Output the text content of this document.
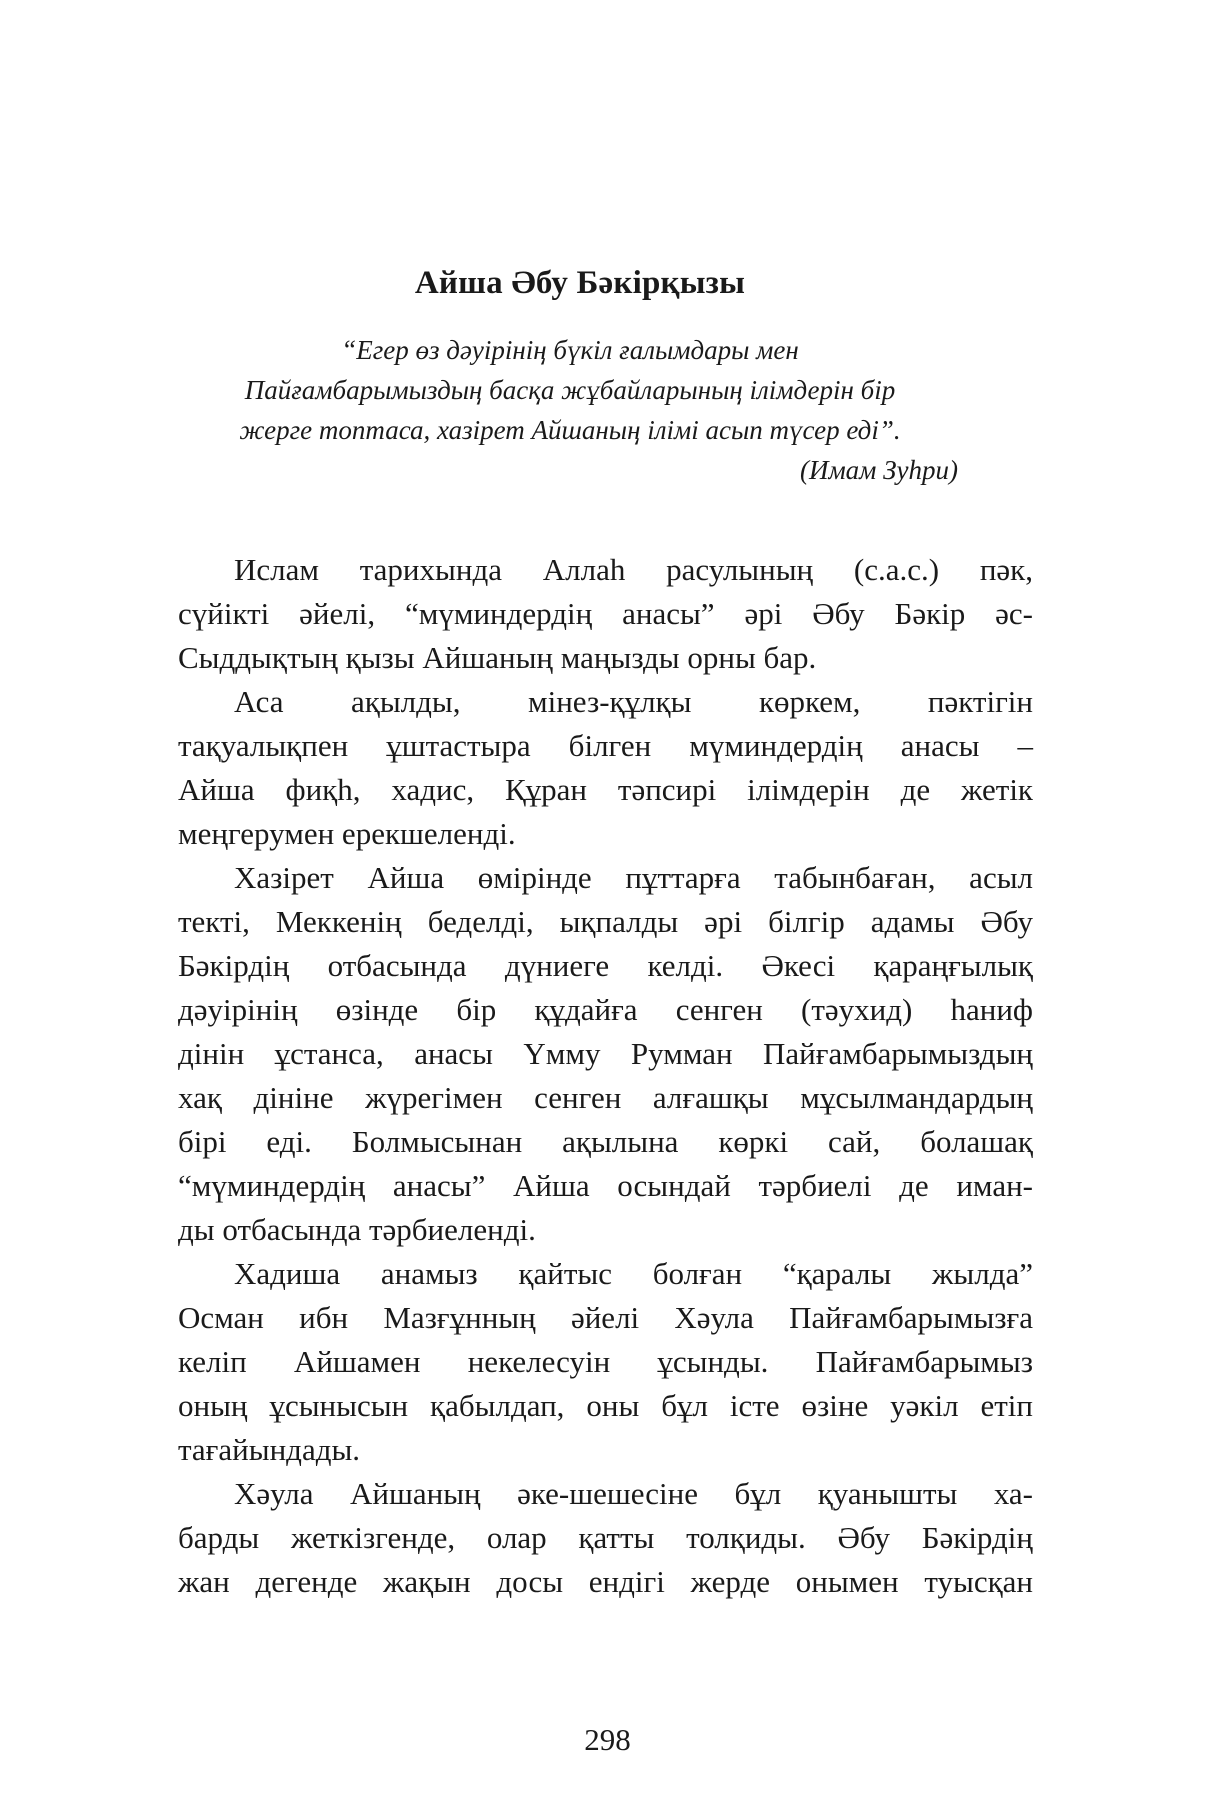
Айша Әбу Бәкірқызы
“Егер өз дәуірінің бүкіл ғалымдары мен
Пайғамбарымыздың басқа жұбайларының ілімдерін бір
жерге топтаса, хазірет Айшаның ілімі асып түсер еді”.
(Имам Зуһри)

Ислам тарихында Аллаһ расулының (с.а.с.) пәк,
сүйікті әйелі, “мүминдердің анасы” әрі Әбу Бәкір әс-
Сыддықтың қызы Айшаның маңызды орны бар.

Аса ақылды, мінез-құлқы көркем, пәктігін
тақуалықпен ұштастыра білген мүминдердің анасы –
Айша фиқһ, хадис, Құран тәпсирі ілімдерін де жетік
меңгерумен ерекшеленді.

Хазірет Айша өмірінде пұттарға табынбаған, асыл
текті, Меккенің беделді, ықпалды әрі білгір адамы Әбу
Бәкірдің отбасында дүниеге келді. Әкесі қараңғылық
дәуірінің өзінде бір құдайға сенген (тәухид) һаниф
дінін ұстанса, анасы Үмму Румман Пайғамбарымыздың
хақ дініне жүрегімен сенген алғашқы мұсылмандардың
бірі еді. Болмысынан ақылына көркі сай, болашақ
“мүминдердің анасы” Айша осындай тәрбиелі де иман-
ды отбасында тәрбиеленді.

Хадиша анамыз қайтыс болған “қаралы жылда”
Осман ибн Мазғұнның әйелі Хәула Пайғамбарымызға
келіп Айшамен некелесуін ұсынды. Пайғамбарымыз
оның ұсынысын қабылдап, оны бұл істе өзіне уәкіл етіп
тағайындады.

Хәула Айшаның әке-шешесіне бұл қуанышты ха-
барды жеткізгенде, олар қатты толқиды. Әбу Бәкірдің
жан дегенде жақын досы ендігі жерде онымен туысқан

298
